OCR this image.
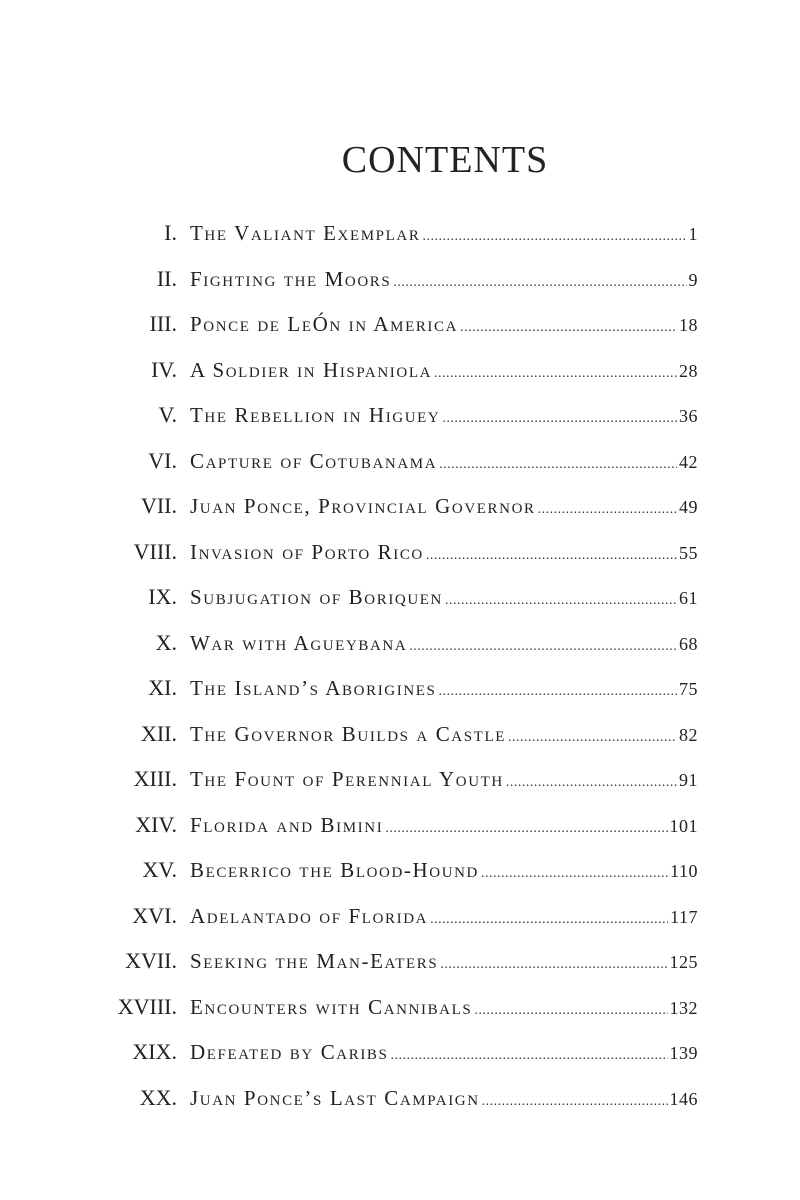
CONTENTS
I. The Valiant Exemplar .....	1
II. Fighting the Moors .....	9
III. Ponce de LeÓn in America .....	18
IV. A Soldier in Hispaniola .....	28
V. The Rebellion in Higuey .....	36
VI. Capture of Cotubanama .....	42
VII. Juan Ponce, Provincial Governor .....	49
VIII. Invasion of Porto Rico .....	55
IX. Subjugation of Boriquen .....	61
X. War with Agueybana .....	68
XI. The Island’s Aborigines .....	75
XII. The Governor Builds a Castle .....	82
XIII. The Fount of Perennial Youth .....	91
XIV. Florida and Bimini .....	101
XV. Becerrico the Blood-Hound .....	110
XVI. Adelantado of Florida .....	117
XVII. Seeking the Man-Eaters .....	125
XVIII. Encounters with Cannibals .....	132
XIX. Defeated by Caribs .....	139
XX. Juan Ponce’s Last Campaign .....	146
